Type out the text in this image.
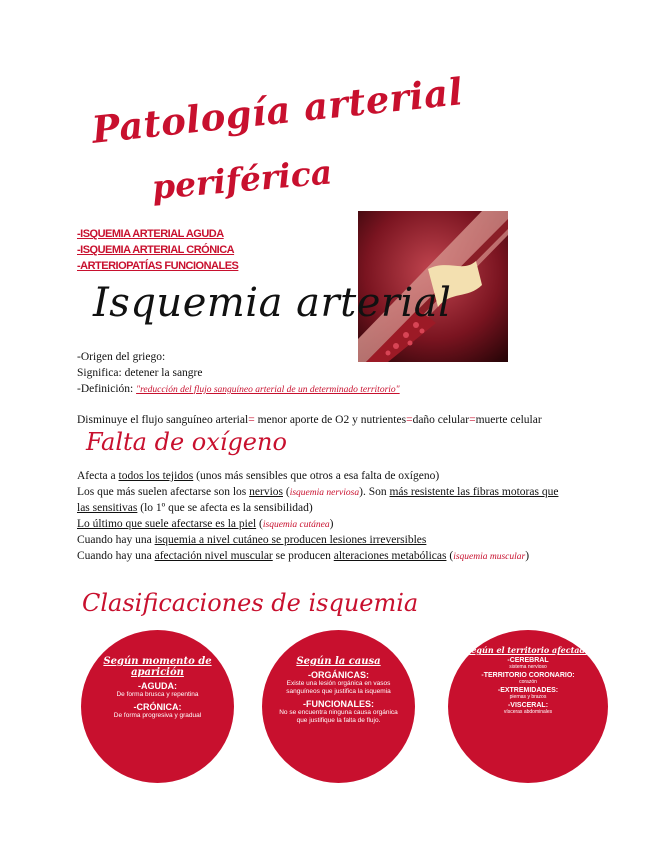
Patología arterial
periférica
-ISQUEMIA ARTERIAL AGUDA
-ISQUEMIA ARTERIAL CRÓNICA
-ARTERIOPATÍAS FUNCIONALES
Isquemia arterial
-Origen del griego:
Significa: detener la sangre
-Definición: "reducción del flujo sanguíneo arterial de un determinado territorio"
Disminuye el flujo sanguíneo arterial= menor aporte de O2 y nutrientes=daño celular=muerte celular
Falta de oxígeno
Afecta a todos los tejidos (unos más sensibles que otros a esa falta de oxígeno)
Los que más suelen afectarse son los nervios (isquemia nerviosa). Son más resistente las fibras motoras que
las sensitivas (lo 1º que se afecta es la sensibilidad)
Lo último que suele afectarse es la piel (isquemia cutánea)
Cuando hay una isquemia a nivel cutáneo se producen lesiones irreversibles
Cuando hay una afectación nivel muscular se producen alteraciones metabólicas (isquemia muscular)
Clasificaciones de isquemia
Según momento de aparición
-AGUDA:
De forma brusca y repentina
-CRÓNICA:
De forma progresiva y gradual
Según la causa
-ORGÁNICAS:
Existe una lesión orgánica en vasos sanguíneos que justifica la isquemia
-FUNCIONALES:
No se encuentra ninguna causa orgánica que justifique la falta de flujo.
Según el territorio afectado
-CEREBRAL
sistema nervioso
-TERRITORIO CORONARIO:
corazón
-EXTREMIDADES:
piernas y brazos
-VISCERAL:
vísceras abdominales
